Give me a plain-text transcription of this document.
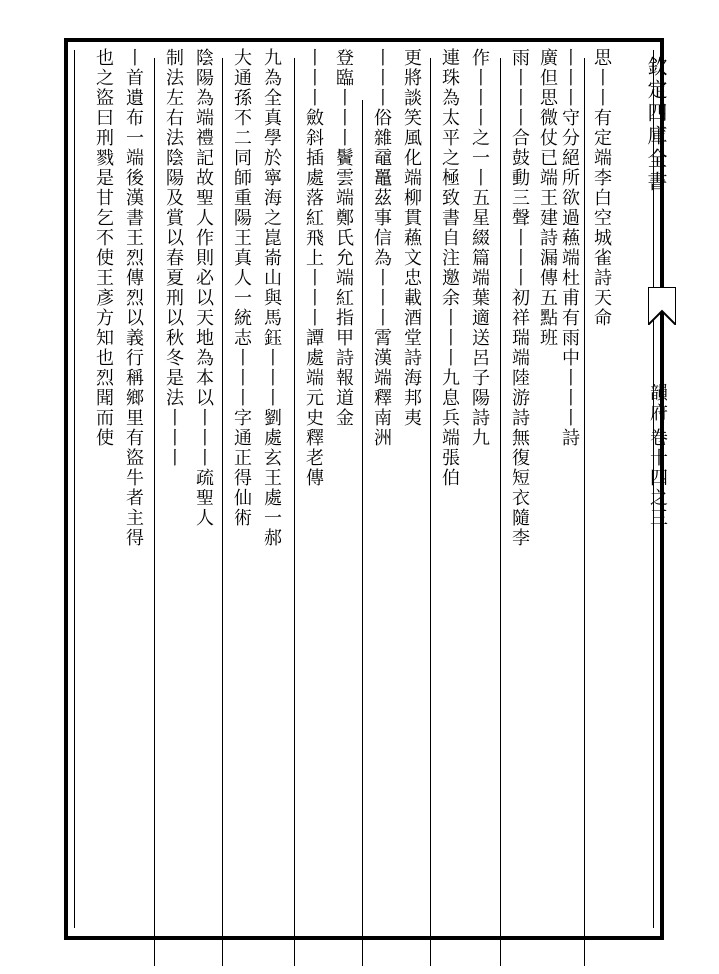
欽定四庫全書
韻府
卷十四之三
思丨丨有定端李白空城雀詩天命
丨丨丨守分絕所欲過蘓端杜甫有雨中丨丨丨詩
廣但思微仗已端王建詩漏傳五點班
雨丨丨丨合鼓動三聲丨丨丨初祥瑞端陸游詩無復短衣隨李
作丨丨丨之一丨五星綴篇端葉適送呂子陽詩九
連珠為太平之極致書自注邀余丨丨丨九息兵端張伯
更將談笑風化端柳貫蘓文忠載酒堂詩海邦夷
丨丨丨俗雜黿鼉茲事信為丨丨丨霄漢端釋南洲
登臨丨丨丨鬢雲端鄭氏允端紅指甲詩報道金
丨丨丨斂斜插處落紅飛上丨丨丨譚處端元史釋老傳
九為全真學於寧海之崑嵛山與馬鈺丨丨丨劉處玄王處一郝
大通孫不二同師重陽王真人一統志丨丨丨字通正得仙術
陰陽為端禮記故聖人作則必以天地為本以丨丨丨疏聖人
制法左右法陰陽及賞以春夏刑以秋冬是法丨丨丨
丨首遺布一端後漢書王烈傳烈以義行稱鄉里有盜牛者主得
也之盜曰刑戮是甘乞不使王彥方知也烈聞而使
